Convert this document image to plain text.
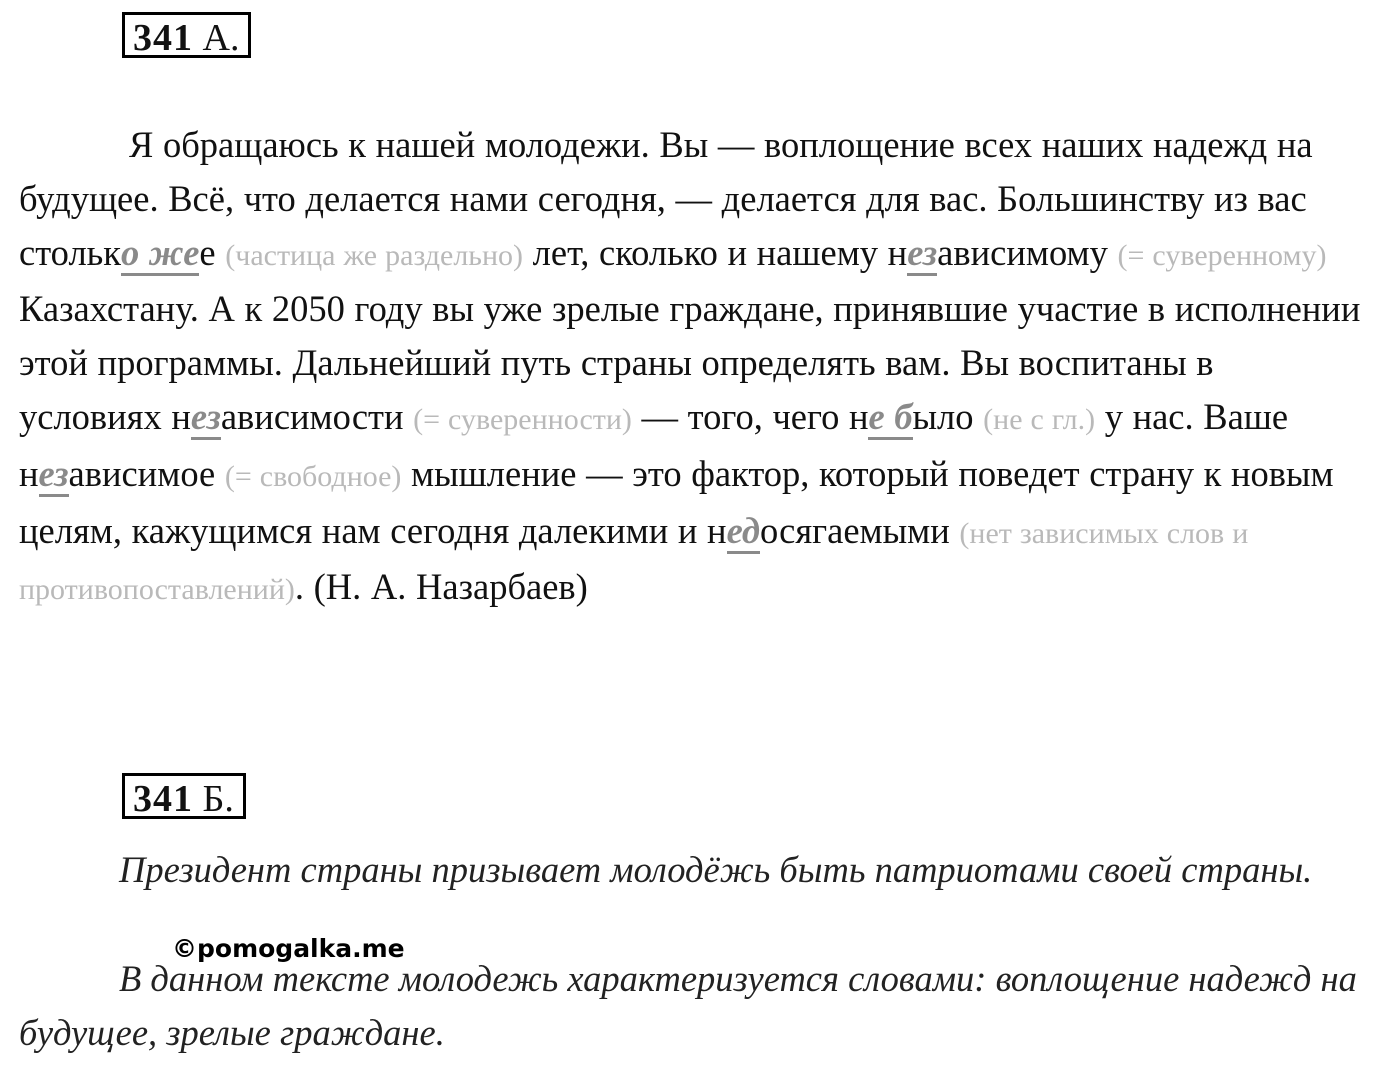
341 А.

Я обращаюсь к нашей молодежи. Вы — воплощение всех наших надежд на будущее. Всё, что делается нами сегодня, — делается для вас. Большинству из вас столько жее (частица же раздельно) лет, сколько и нашему независимому (= суверенному) Казахстану. А к 2050 году вы уже зрелые граждане, принявшие участие в исполнении этой программы. Дальнейший путь страны определять вам. Вы воспитаны в условиях независимости (= суверенности) — того, чего не было (не с гл.) у нас. Ваше независимое (= свободное) мышление — это фактор, который поведет страну к новым целям, кажущимся нам сегодня далекими и недосягаемыми (нет зависимых слов и противопоставлений). (Н. А. Назарбаев)

341 Б.

Президент страны призывает молодёжь быть патриотами своей страны.

В данном тексте молодежь характеризуется словами: воплощение надежд на будущее, зрелые граждане.

©pomogalka.me
